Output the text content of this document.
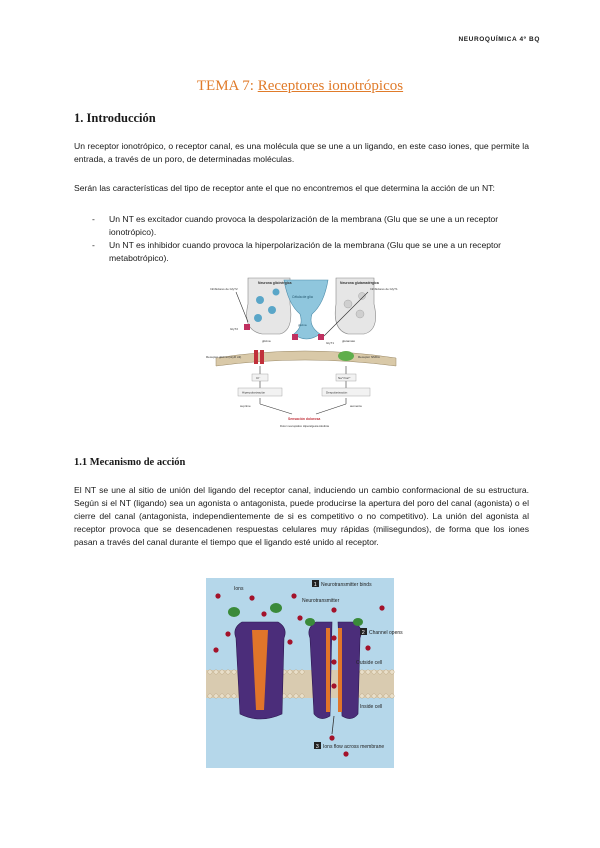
NEUROQUÍMICA 4º BQ
TEMA 7: Receptores ionotrópicos
1. Introducción
Un receptor ionotrópico, o receptor canal, es una molécula que se une a un ligando, en este caso iones, que permite la entrada, a través de un poro, de determinadas moléculas.
Serán las características del tipo de receptor ante el que no encontremos el que determina la acción de un NT:
- Un NT es excitador cuando provoca la despolarización de la membrana (Glu que se une a un receptor ionotrópico).
- Un NT es inhibidor cuando provoca la hiperpolarización de la membrana (Glu que se une a un receptor metabotrópico).
Neurona glicinérgica	Neurona glutamatérgica
Célula de glía
Inhibidores de GlyT2	Inhibidores de GlyT1
GlyT2
GlyT1
glicina
glicina	glutamato
Receptor glicina (GlyR α3)	Receptor NMDA
Cl⁻	Na⁺/Ca²⁺
Hiperpolarización	Despolarización
suprime	aumenta
Sensación dolorosa
Dolor neuropático Hiperalgesia Alodinia
1.1 Mecanismo de acción
El NT se une al sitio de unión del ligando del receptor canal, induciendo un cambio conformacional de su estructura. Según si el NT (ligando) sea un agonista o antagonista, puede producirse la apertura del poro del canal (agonista) o el cierre del canal (antagonista, independientemente de si es competitivo o no competitivo). La unión del agonista al receptor provoca que se desencadenen respuestas celulares muy rápidas (milisegundos), de forma que los iones pasan a través del canal durante el tiempo que el ligando esté unido al receptor.
1 Neurotransmitter binds
Ions
Neurotransmitter
2 Channel opens
Outside cell
Inside cell
3 Ions flow across membrane
